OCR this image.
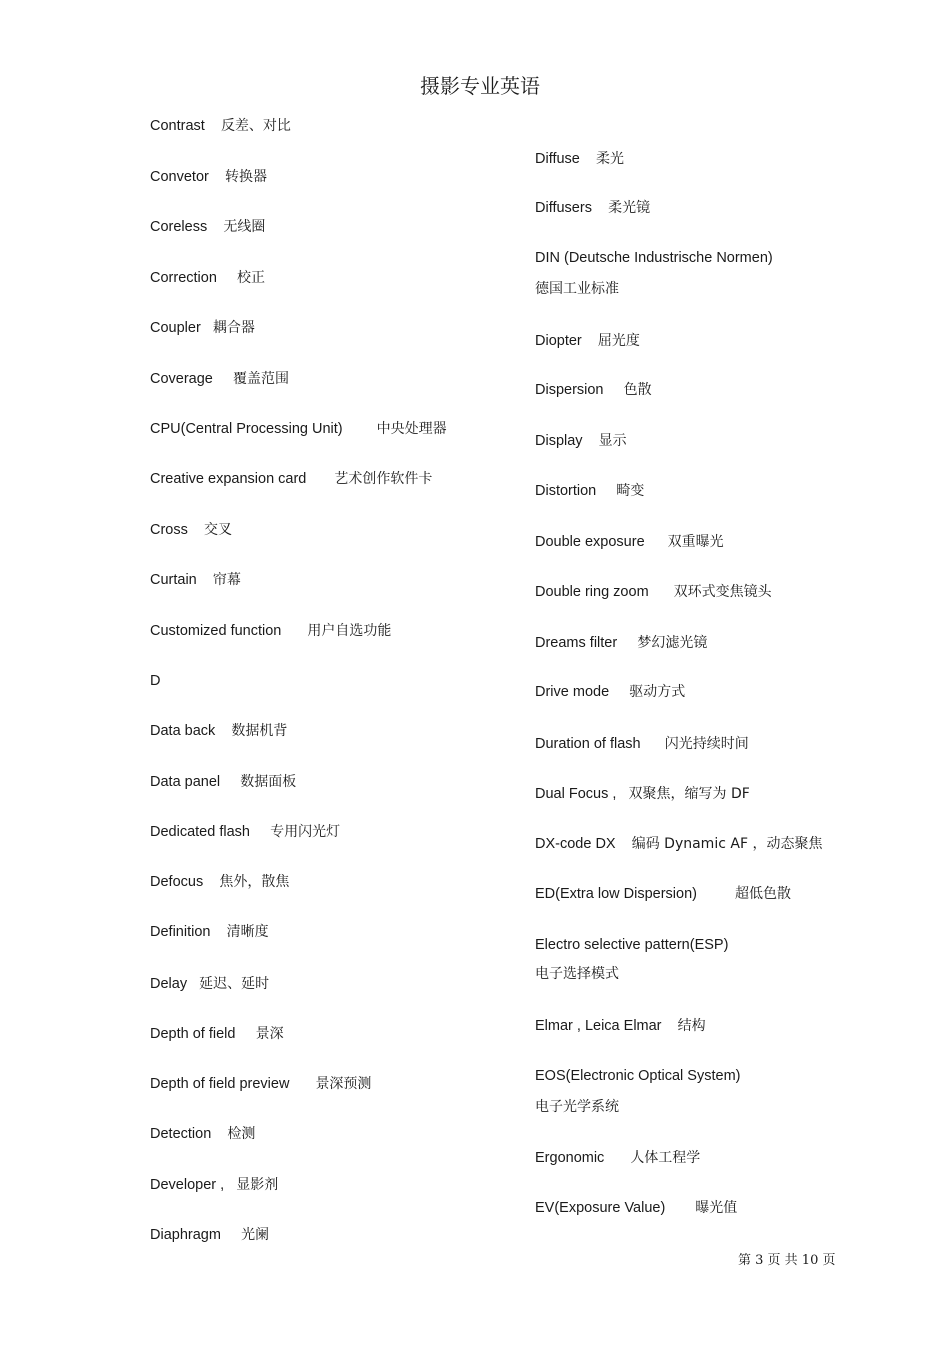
摄影专业英语
Contrast 反差、对比
Convetor 转换器
Coreless 无线圈
Correction 校正
Coupler 耦合器
Coverage 覆盖范围
CPU(Central Processing Unit) 中央处理器
Creative expansion card 艺术创作软件卡
Cross 交叉
Curtain 帘幕
Customized function 用户自选功能
D
Data back 数据机背
Data panel 数据面板
Dedicated flash 专用闪光灯
Defocus 焦外，散焦
Definition 清晰度
Delay 延迟、延时
Depth of field 景深
Depth of field preview 景深预测
Detection 检测
Developer , 显影剂
Diaphragm 光阑
Diffuse 柔光
Diffusers 柔光镜
DIN (Deutsche Industrische Normen)
德国工业标准
Diopter 屈光度
Dispersion 色散
Display 显示
Distortion 畸变
Double exposure 双重曝光
Double ring zoom 双环式变焦镜头
Dreams filter 梦幻滤光镜
Drive mode 驱动方式
Duration of flash 闪光持续时间
Dual Focus , 双聚焦，缩写为 DF
DX-code DX 编码 Dynamic AF ，动态聚焦
ED(Extra low Dispersion)	超低色散
Electro selective pattern(ESP)
电子选择模式
Elmar , Leica Elmar 结构
EOS(Electronic Optical System)
电子光学系统
Ergonomic 人体工程学
EV(Exposure Value) 曝光值
第 3 页 共 10 页
